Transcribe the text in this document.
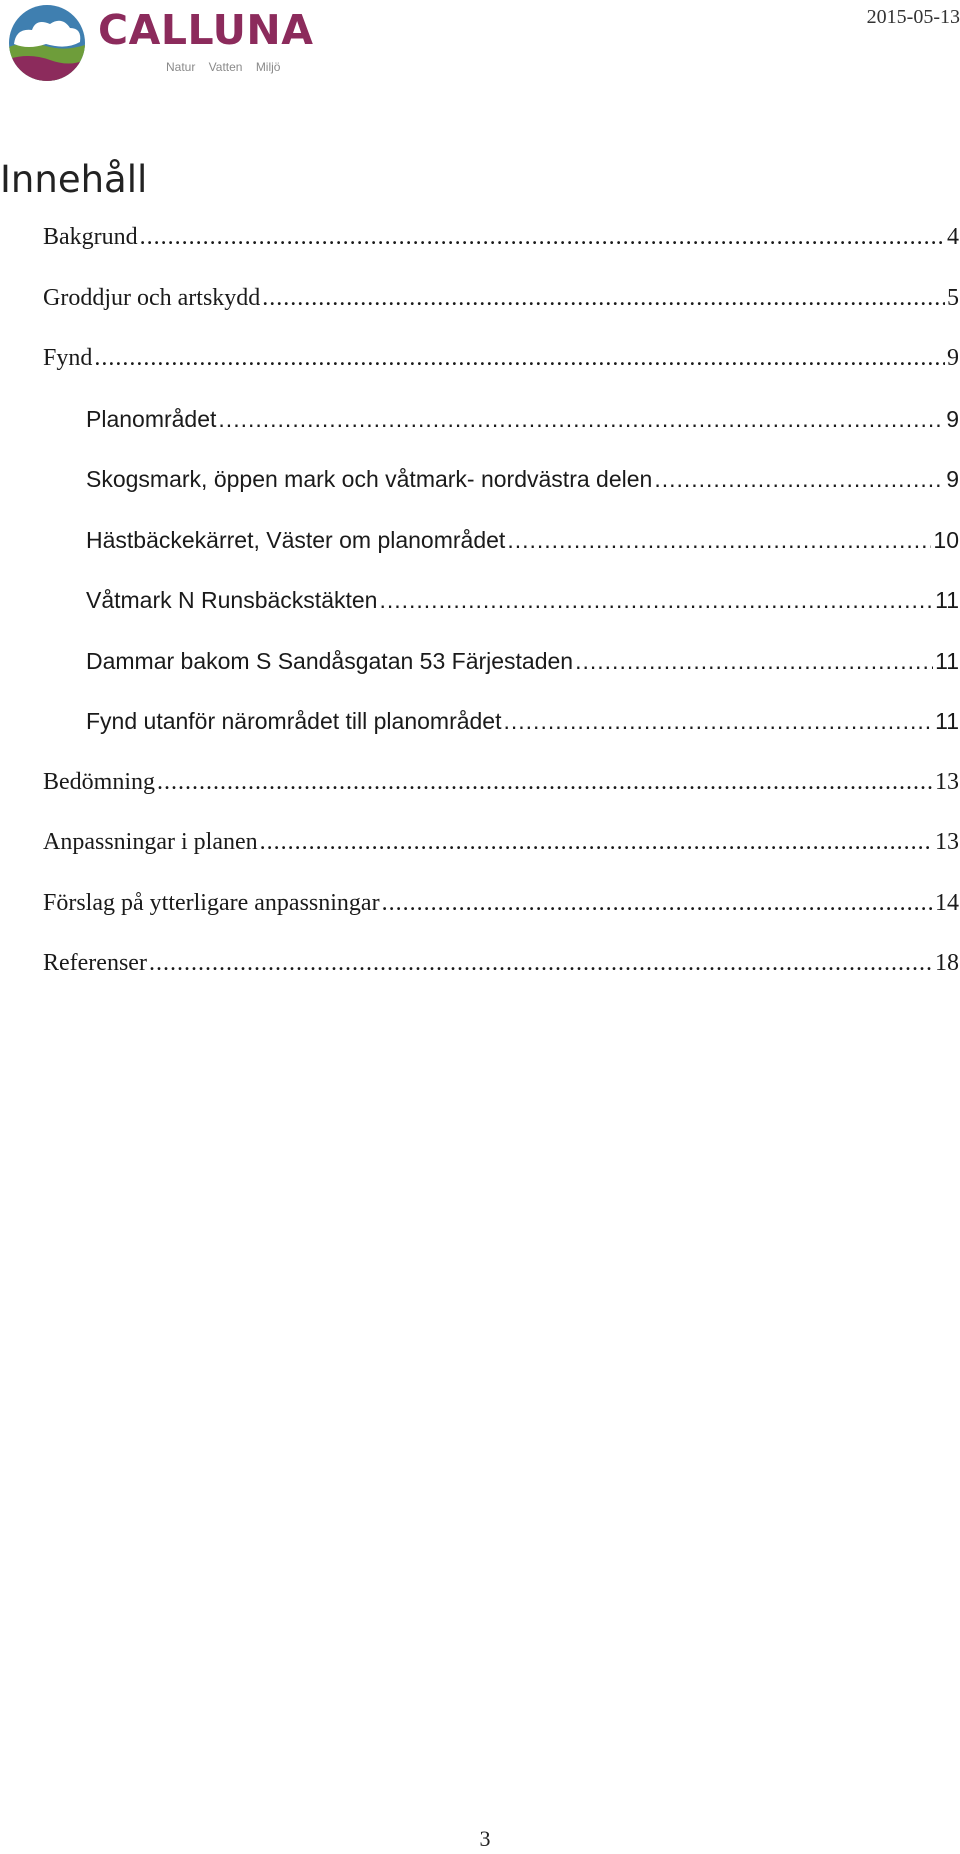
CALLUNA
Natur Vatten Miljö
2015-05-13
Innehåll
Bakgrund .....	4
Groddjur och artskydd .....	5
Fynd .....	9
Planområdet .....	9
Skogsmark, öppen mark och våtmark- nordvästra delen .....	9
Hästbäckekärret, Väster om planområdet .....	10
Våtmark N Runsbäckstäkten .....	11
Dammar bakom S Sandåsgatan 53 Färjestaden .....	11
Fynd utanför närområdet till planområdet .....	11
Bedömning .....	13
Anpassningar i planen .....	13
Förslag på ytterligare anpassningar .....	14
Referenser .....	18
3
